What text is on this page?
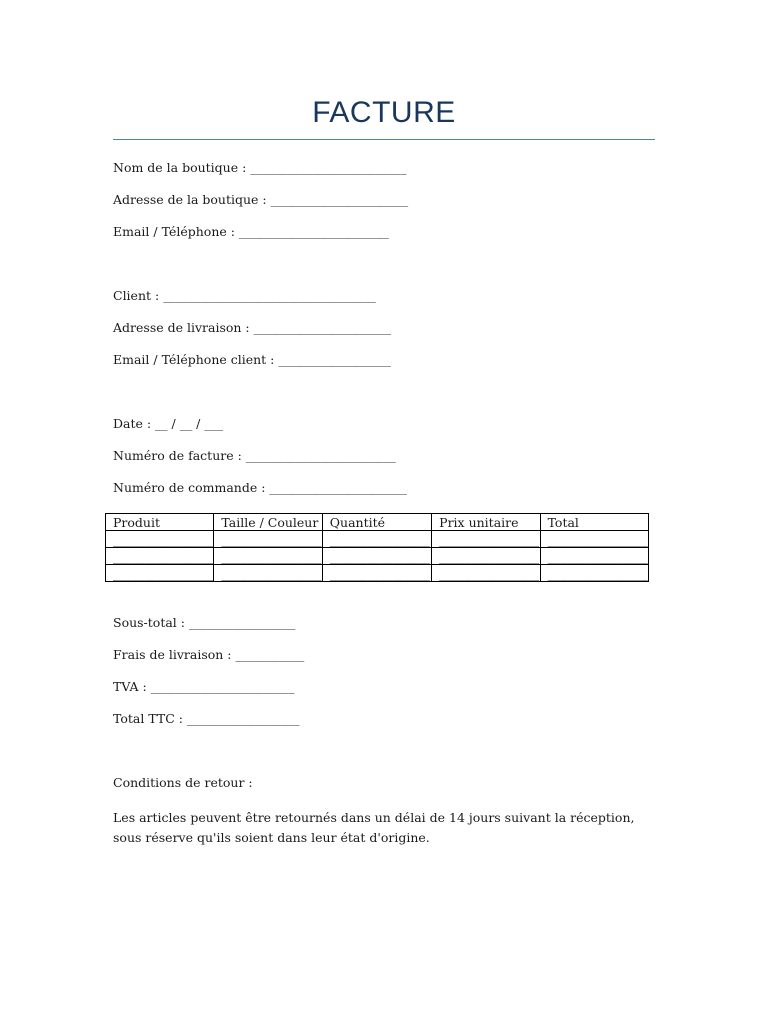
FACTURE
Nom de la boutique : _________________________
Adresse de la boutique : ______________________
Email / Téléphone : ________________________
Client : __________________________________
Adresse de livraison : ______________________
Email / Téléphone client : __________________
Date : __ / __ / ___
Numéro de facture : ________________________
Numéro de commande : ______________________
Produit	Taille / Couleur	Quantité	Prix unitaire	Total
________________	________________	________________	________________	________________
________________	________________	________________	________________	________________
________________	________________	________________	________________	________________
Sous-total : _________________
Frais de livraison : ___________
TVA : _______________________
Total TTC : __________________
Conditions de retour :
Les articles peuvent être retournés dans un délai de 14 jours suivant la réception, sous réserve qu'ils soient dans leur état d'origine.
